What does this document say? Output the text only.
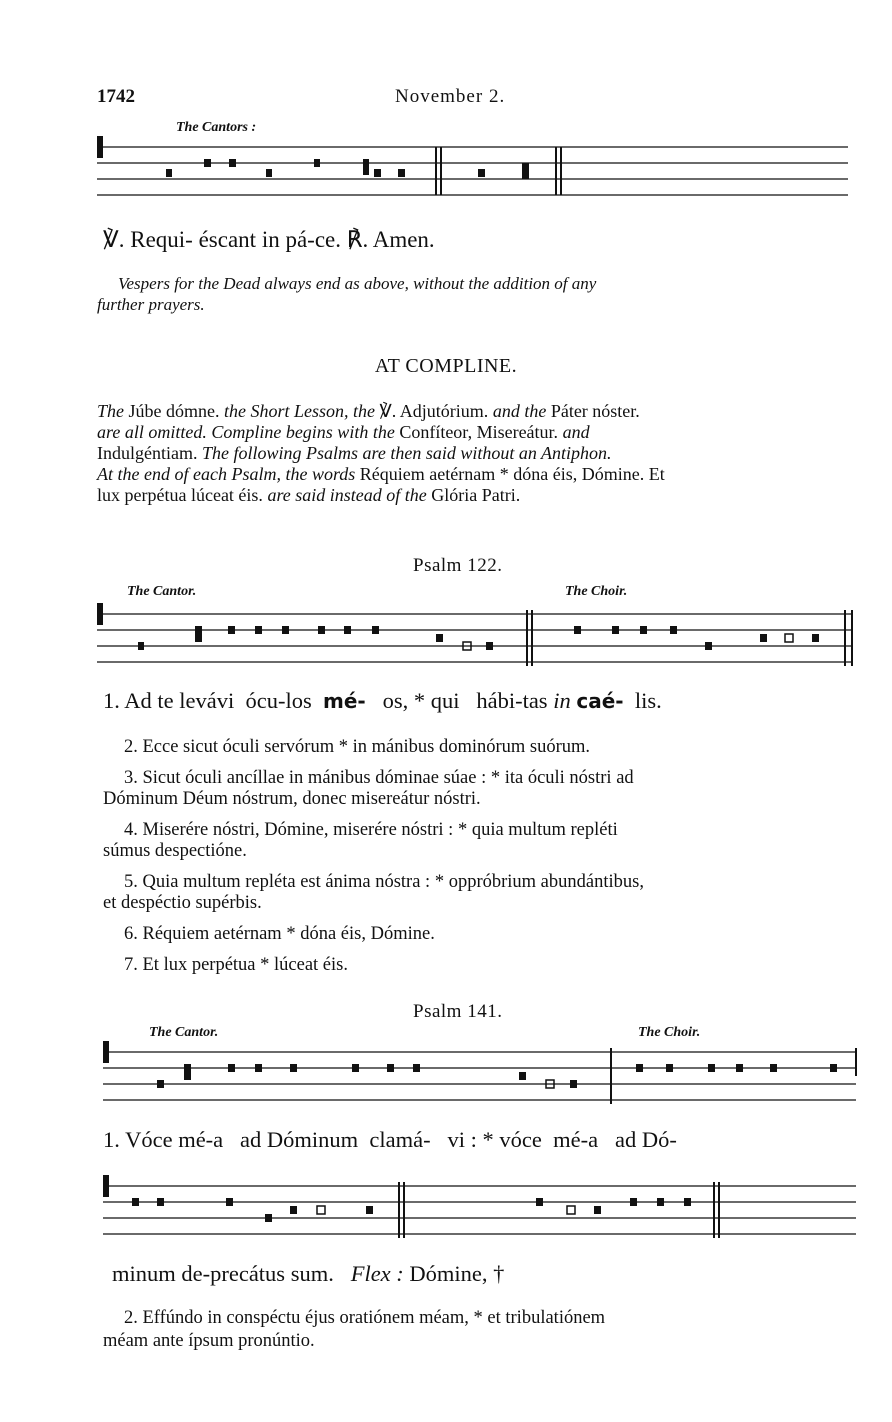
1742	November 2.
The Cantors :
℣. Requi- éscant in pá-ce. ℟. Amen.
Vespers for the Dead always end as above, without the addition of any
further prayers.
AT COMPLINE.
The Júbe dómne. the Short Lesson, the ℣. Adjutórium. and the Páter nóster.
are all omitted. Compline begins with the Confíteor, Misereátur. and
Indulgéntiam. The following Psalms are then said without an Antiphon.
At the end of each Psalm, the words Réquiem aetérnam * dóna éis, Dómine. Et
lux perpétua lúceat éis. are said instead of the Glória Patri.
Psalm 122.
The Cantor.	The Choir.
1. Ad te levávi ócu-los mé- os, * qui hábi-tas in caé- lis.
2. Ecce sicut óculi servórum * in mánibus dominórum suórum.
3. Sicut óculi ancíllae in mánibus dóminae súae : * ita óculi nóstri ad
Dóminum Déum nóstrum, donec misereátur nóstri.
4. Miserére nóstri, Dómine, miserére nóstri : * quia multum repléti
súmus despectióne.
5. Quia multum repléta est ánima nóstra : * oppróbrium abundántibus,
et despéctio supérbis.
6. Réquiem aetérnam * dóna éis, Dómine.
7. Et lux perpétua * lúceat éis.
Psalm 141.
The Cantor.	The Choir.
1. Vóce mé-a ad Dóminum clamá- vi : * vóce mé-a ad Dó-
minum de-precátus sum. Flex : Dómine, †
2. Effúndo in conspéctu éjus oratiónem méam, * et tribulatiónem
méam ante ípsum pronúntio.
